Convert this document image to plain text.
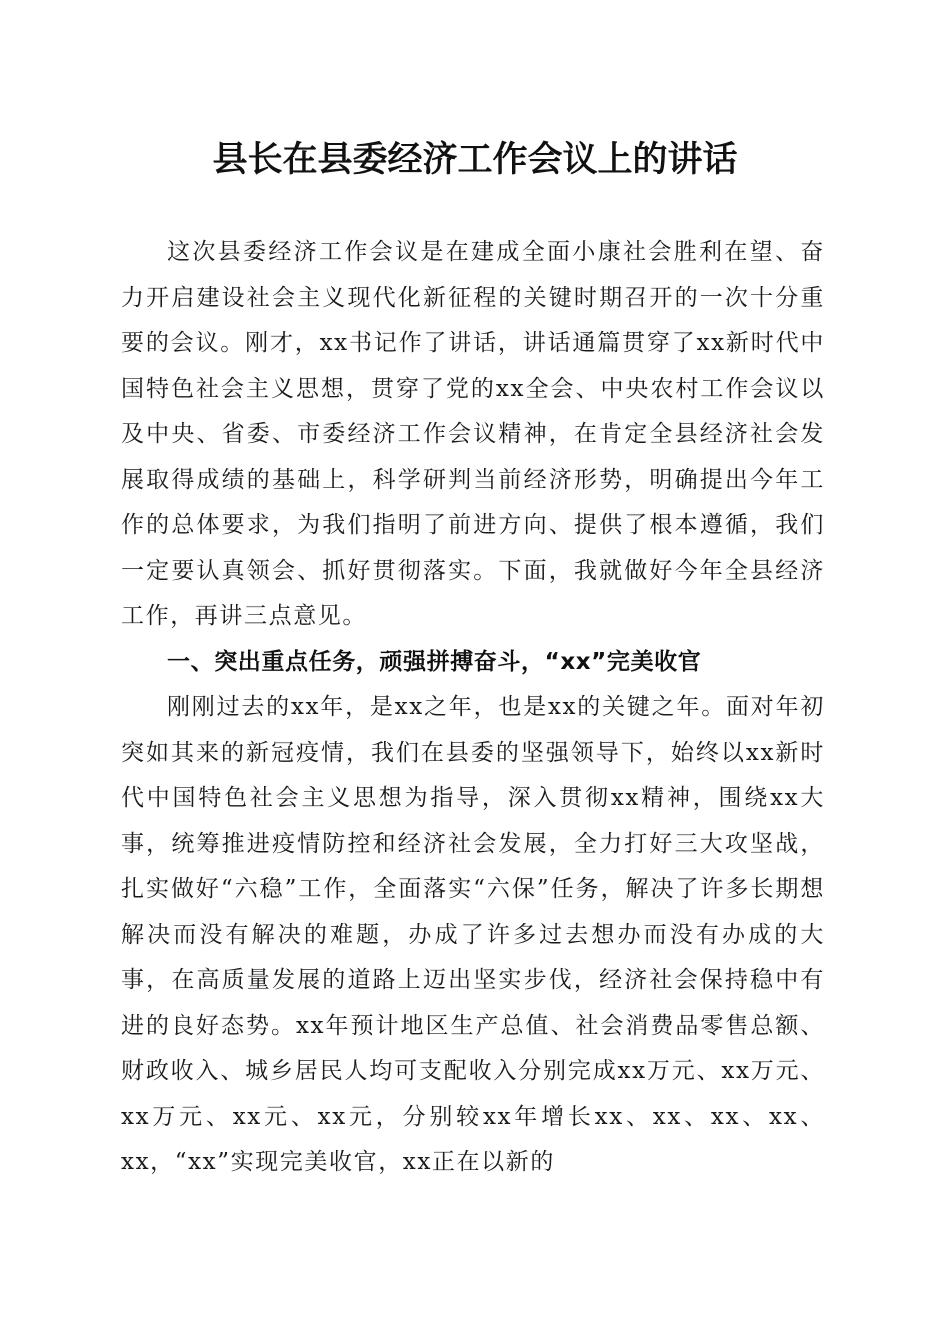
县长在县委经济工作会议上的讲话

这次县委经济工作会议是在建成全面小康社会胜利在望、奋力开启建设社会主义现代化新征程的关键时期召开的一次十分重要的会议。刚才，xx书记作了讲话，讲话通篇贯穿了xx新时代中国特色社会主义思想，贯穿了党的xx全会、中央农村工作会议以及中央、省委、市委经济工作会议精神，在肯定全县经济社会发展取得成绩的基础上，科学研判当前经济形势，明确提出今年工作的总体要求，为我们指明了前进方向、提供了根本遵循，我们一定要认真领会、抓好贯彻落实。下面，我就做好今年全县经济工作，再讲三点意见。

一、突出重点任务，顽强拼搏奋斗，“xx”完美收官

刚刚过去的xx年，是xx之年，也是xx的关键之年。面对年初突如其来的新冠疫情，我们在县委的坚强领导下，始终以xx新时代中国特色社会主义思想为指导，深入贯彻xx精神，围绕xx大事，统筹推进疫情防控和经济社会发展，全力打好三大攻坚战，扎实做好“六稳”工作，全面落实“六保”任务，解决了许多长期想解决而没有解决的难题，办成了许多过去想办而没有办成的大事，在高质量发展的道路上迈出坚实步伐，经济社会保持稳中有进的良好态势。xx年预计地区生产总值、社会消费品零售总额、财政收入、城乡居民人均可支配收入分别完成xx万元、xx万元、xx万元、xx元、xx元，分别较xx年增长xx、xx、xx、xx、xx，“xx”实现完美收官，xx正在以新的
